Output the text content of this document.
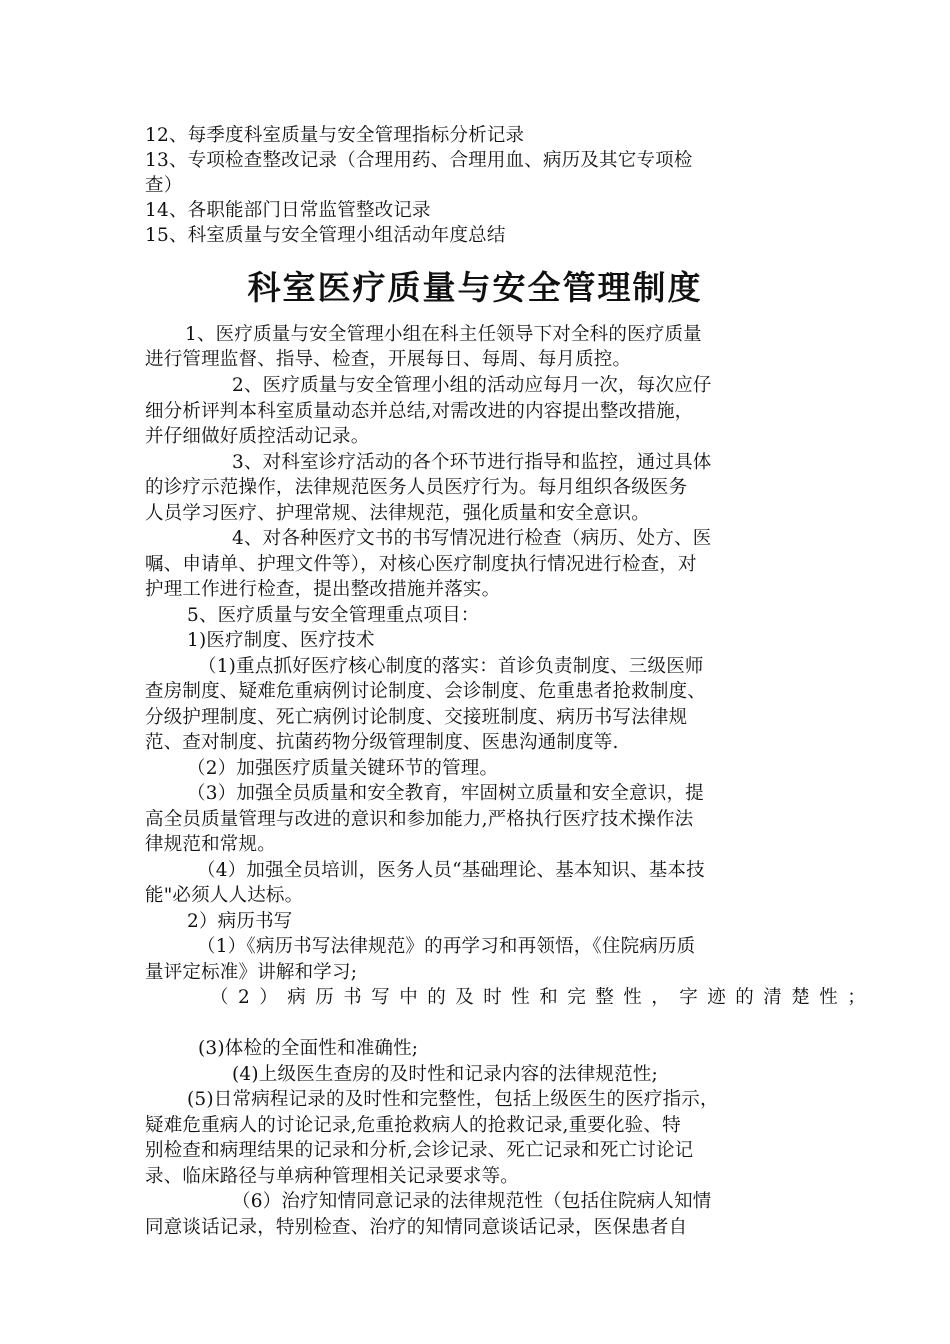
12、每季度科室质量与安全管理指标分析记录
13、专项检查整改记录（合理用药、合理用血、病历及其它专项检
查）
14、各职能部门日常监管整改记录
15、科室质量与安全管理小组活动年度总结
科室医疗质量与安全管理制度
1、医疗质量与安全管理小组在科主任领导下对全科的医疗质量
进行管理监督、指导、检查，开展每日、每周、每月质控。
2、医疗质量与安全管理小组的活动应每月一次，每次应仔
细分析评判本科室质量动态并总结,对需改进的内容提出整改措施，
并仔细做好质控活动记录。
3、对科室诊疗活动的各个环节进行指导和监控，通过具体
的诊疗示范操作，法律规范医务人员医疗行为。每月组织各级医务
人员学习医疗、护理常规、法律规范，强化质量和安全意识。
4、对各种医疗文书的书写情况进行检查（病历、处方、医
嘱、申请单、护理文件等），对核心医疗制度执行情况进行检查，对
护理工作进行检查，提出整改措施并落实。
5、医疗质量与安全管理重点项目：
1)医疗制度、医疗技术
（1)重点抓好医疗核心制度的落实：首诊负责制度、三级医师
查房制度、疑难危重病例讨论制度、会诊制度、危重患者抢救制度、
分级护理制度、死亡病例讨论制度、交接班制度、病历书写法律规
范、查对制度、抗菌药物分级管理制度、医患沟通制度等.
（2）加强医疗质量关键环节的管理。
（3）加强全员质量和安全教育，牢固树立质量和安全意识，提
高全员质量管理与改进的意识和参加能力,严格执行医疗技术操作法
律规范和常规。
（4）加强全员培训，医务人员“基础理论、基本知识、基本技
能"必须人人达标。
2）病历书写
（1）《病历书写法律规范》的再学习和再领悟，《住院病历质
量评定标准》讲解和学习;
（2）病历书写中的及时性和完整性，字迹的清楚性；
(3)体检的全面性和准确性;
(4)上级医生查房的及时性和记录内容的法律规范性;
(5)日常病程记录的及时性和完整性，包括上级医生的医疗指示，
疑难危重病人的讨论记录,危重抢救病人的抢救记录,重要化验、特
别检查和病理结果的记录和分析,会诊记录、死亡记录和死亡讨论记
录、临床路径与单病种管理相关记录要求等。
（6）治疗知情同意记录的法律规范性（包括住院病人知情
同意谈话记录，特别检查、治疗的知情同意谈话记录，医保患者自
